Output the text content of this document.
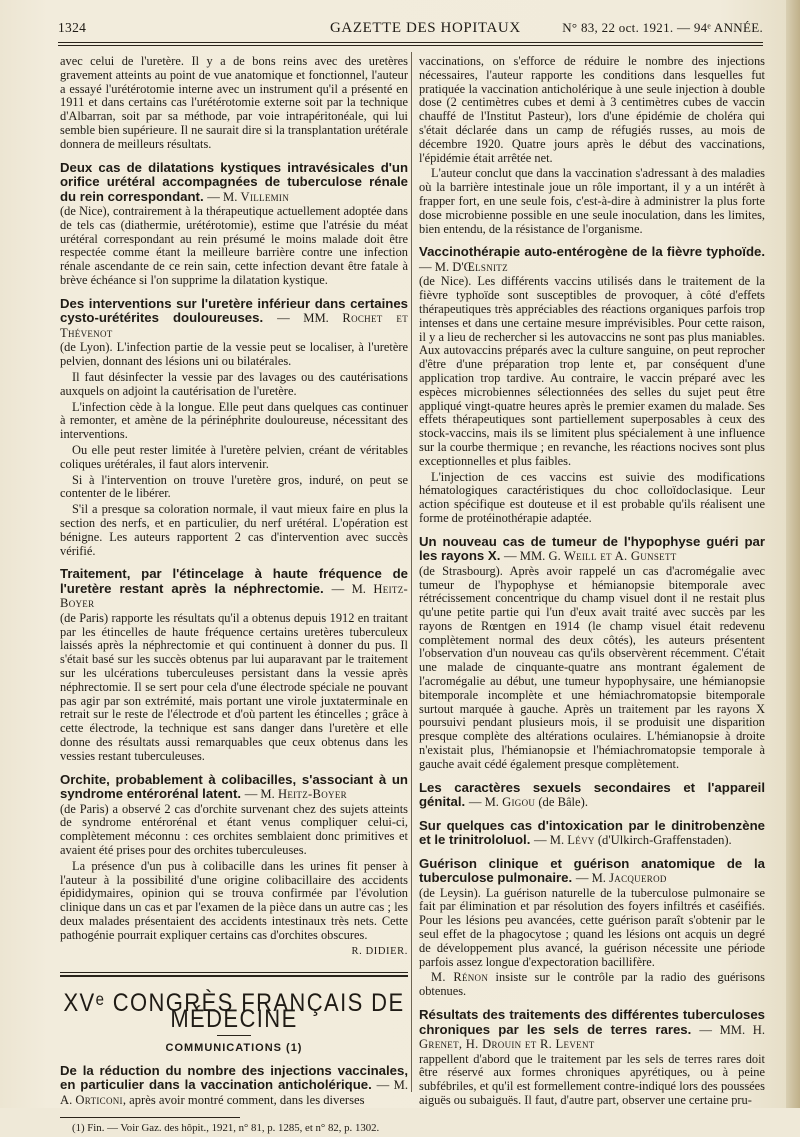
1324	GAZETTE DES HOPITAUX	N° 83, 22 oct. 1921. — 94ᵉ ANNÉE.

avec celui de l'uretère. Il y a de bons reins avec des uretères gravement atteints au point de vue anatomique et fonctionnel, l'auteur a essayé l'urétérotomie interne avec un instrument qu'il a présenté en 1911 et dans certains cas l'urétérotomie externe soit par la technique d'Albarran, soit par sa méthode, par voie intrapéritonéale, qui lui semble bien supérieure. Il ne saurait dire si la transplantation urétérale donnera de meilleurs résultats.

Deux cas de dilatations kystiques intravésicales d'un orifice urétéral accompagnées de tuberculose rénale du rein correspondant. — M. Villemin

(de Nice), contrairement à la thérapeutique actuellement adoptée dans de tels cas (diathermie, urétérotomie), estime que l'atrésie du méat urétéral correspondant au rein présumé le moins malade doit être respectée comme étant la meilleure barrière contre une infection rénale ascendante de ce rein sain, cette infection devant être fatale à brève échéance si l'on supprime la dilatation kystique.

Des interventions sur l'uretère inférieur dans certaines cysto-urétérites douloureuses. — MM. Rochet et Thévenot

(de Lyon). L'infection partie de la vessie peut se localiser, à l'uretère pelvien, donnant des lésions uni ou bilatérales.

Il faut désinfecter la vessie par des lavages ou des cautérisations auxquels on adjoint la cautérisation de l'uretère.

L'infection cède à la longue. Elle peut dans quelques cas continuer à remonter, et amène de la périnéphrite douloureuse, nécessitant des interventions.

Ou elle peut rester limitée à l'uretère pelvien, créant de véritables coliques urétérales, il faut alors intervenir.

Si à l'intervention on trouve l'uretère gros, induré, on peut se contenter de le libérer.

S'il a presque sa coloration normale, il vaut mieux faire en plus la section des nerfs, et en particulier, du nerf urétéral. L'opération est bénigne. Les auteurs rapportent 2 cas d'intervention avec succès vérifié.

Traitement, par l'étincelage à haute fréquence de l'uretère restant après la néphrectomie. — M. Heitz-Boyer

(de Paris) rapporte les résultats qu'il a obtenus depuis 1912 en traitant par les étincelles de haute fréquence certains uretères tuberculeux laissés après la néphrectomie et qui continuent à donner du pus. Il s'était basé sur les succès obtenus par lui auparavant par le traitement sur les ulcérations tuberculeuses persistant dans la vessie après néphrectomie. Il se sert pour cela d'une électrode spéciale ne pouvant pas agir par son extrémité, mais portant une virole juxtaterminale en retrait sur le reste de l'électrode et d'où partent les étincelles ; grâce à cette électrode, la technique est sans danger dans l'uretère et elle donne des résultats aussi remarquables que ceux obtenus dans les vessies restant tuberculeuses.

Orchite, probablement à colibacilles, s'associant à un syndrome entérorénal latent. — M. Heitz-Boyer

(de Paris) a observé 2 cas d'orchite survenant chez des sujets atteints de syndrome entérorénal et étant venus compliquer celui-ci, complètement méconnu : ces orchites semblaient donc primitives et avaient été prises pour des orchites tuberculeuses.

La présence d'un pus à colibacille dans les urines fit penser à l'auteur à la possibilité d'une origine colibacillaire des accidents épididymaires, opinion qui se trouva confirmée par l'évolution clinique dans un cas et par l'examen de la pièce dans un autre cas ; les deux malades présentaient des accidents intestinaux très nets. Cette pathogénie pourrait expliquer certains cas d'orchites obscures.

R. DIDIER.
XVᵉ CONGRÈS FRANÇAIS DE MÉDECINE
COMMUNICATIONS (1)
De la réduction du nombre des injections vaccinales, en particulier dans la vaccination anticholérique. — M. A. Orticoni, après avoir montré comment, dans les diverses

(1) Fin. — Voir Gaz. des hôpit., 1921, n° 81, p. 1285, et n° 82, p. 1302.

vaccinations, on s'efforce de réduire le nombre des injections nécessaires, l'auteur rapporte les conditions dans lesquelles fut pratiquée la vaccination anticholérique à une seule injection à double dose (2 centimètres cubes et demi à 3 centimètres cubes de vaccin chauffé de l'Institut Pasteur), lors d'une épidémie de choléra qui s'était déclarée dans un camp de réfugiés russes, au mois de décembre 1920. Quatre jours après le début des vaccinations, l'épidémie était arrêtée net.

L'auteur conclut que dans la vaccination s'adressant à des maladies où la barrière intestinale joue un rôle important, il y a un intérêt à frapper fort, en une seule fois, c'est-à-dire à administrer la plus forte dose microbienne possible en une seule inoculation, dans les limites, bien entendu, de la résistance de l'organisme.

Vaccinothérapie auto-entérogène de la fièvre typhoïde. — M. D'Œlsnitz

(de Nice). Les différents vaccins utilisés dans le traitement de la fièvre typhoïde sont susceptibles de provoquer, à côté d'effets thérapeutiques très appréciables des réactions organiques parfois trop intenses et dans une certaine mesure imprévisibles. Pour cette raison, il y a lieu de rechercher si les autovaccins ne sont pas plus maniables. Aux autovaccins préparés avec la culture sanguine, on peut reprocher d'être d'une préparation trop lente et, par conséquent d'une application trop tardive. Au contraire, le vaccin préparé avec les espèces microbiennes sélectionnées des selles du sujet peut être appliqué vingt-quatre heures après le premier examen du malade. Ses effets thérapeutiques sont partiellement superposables à ceux des stock-vaccins, mais ils se limitent plus spécialement à une influence sur la courbe thermique ; en revanche, les réactions nocives sont plus exceptionnelles et plus faibles.

L'injection de ces vaccins est suivie des modifications hématologiques caractéristiques du choc colloïdoclasique. Leur action spécifique est douteuse et il est probable qu'ils réalisent une forme de protéinothérapie adaptée.

Un nouveau cas de tumeur de l'hypophyse guéri par les rayons X. — MM. G. Weill et A. Gunsett

(de Strasbourg). Après avoir rappelé un cas d'acromégalie avec tumeur de l'hypophyse et hémianopsie bitemporale avec rétrécissement concentrique du champ visuel dont il ne restait plus qu'une petite partie qui l'un d'eux avait traité avec succès par les rayons de Rœntgen en 1914 (le champ visuel était redevenu complètement normal des deux côtés), les auteurs présentent l'observation d'un nouveau cas qu'ils observèrent récemment. C'était une malade de cinquante-quatre ans montrant également de l'acromégalie au début, une tumeur hypophysaire, une hémianopsie bitemporale incomplète et une hémiachromatopsie bitemporale surtout marquée à gauche. Après un traitement par les rayons X poursuivi pendant plusieurs mois, il se produisit une disparition presque complète des altérations oculaires. L'hémianopsie à droite n'existait plus, l'hémianopsie et l'hémiachromatopsie temporale à gauche avait cédé également presque complètement.

Les caractères sexuels secondaires et l'appareil génital. — M. Gigou (de Bâle).
Sur quelques cas d'intoxication par le dinitrobenzène et le trinitroloIuol. — M. Lévy (d'Ulkirch-Graffenstaden).
Guérison clinique et guérison anatomique de la tuberculose pulmonaire. — M. Jacquerod

(de Leysin). La guérison naturelle de la tuberculose pulmonaire se fait par élimination et par résolution des foyers infiltrés et caséifiés. Pour les lésions peu avancées, cette guérison paraît s'obtenir par le seul effet de la phagocytose ; quand les lésions ont acquis un degré de développement plus avancé, la guérison nécessite une période parfois assez longue d'expectoration bacillifère.

M. Rénon insiste sur le contrôle par la radio des guérisons obtenues.

Résultats des traitements des différentes tuberculoses chroniques par les sels de terres rares. — MM. H. Grenet, H. Drouin et R. Levent

rappellent d'abord que le traitement par les sels de terres rares doit être réservé aux formes chroniques apyrétiques, ou à peine subfébriles, et qu'il est formellement contre-indiqué lors des poussées aiguës ou subaiguës. Il faut, d'autre part, observer une certaine pru-
